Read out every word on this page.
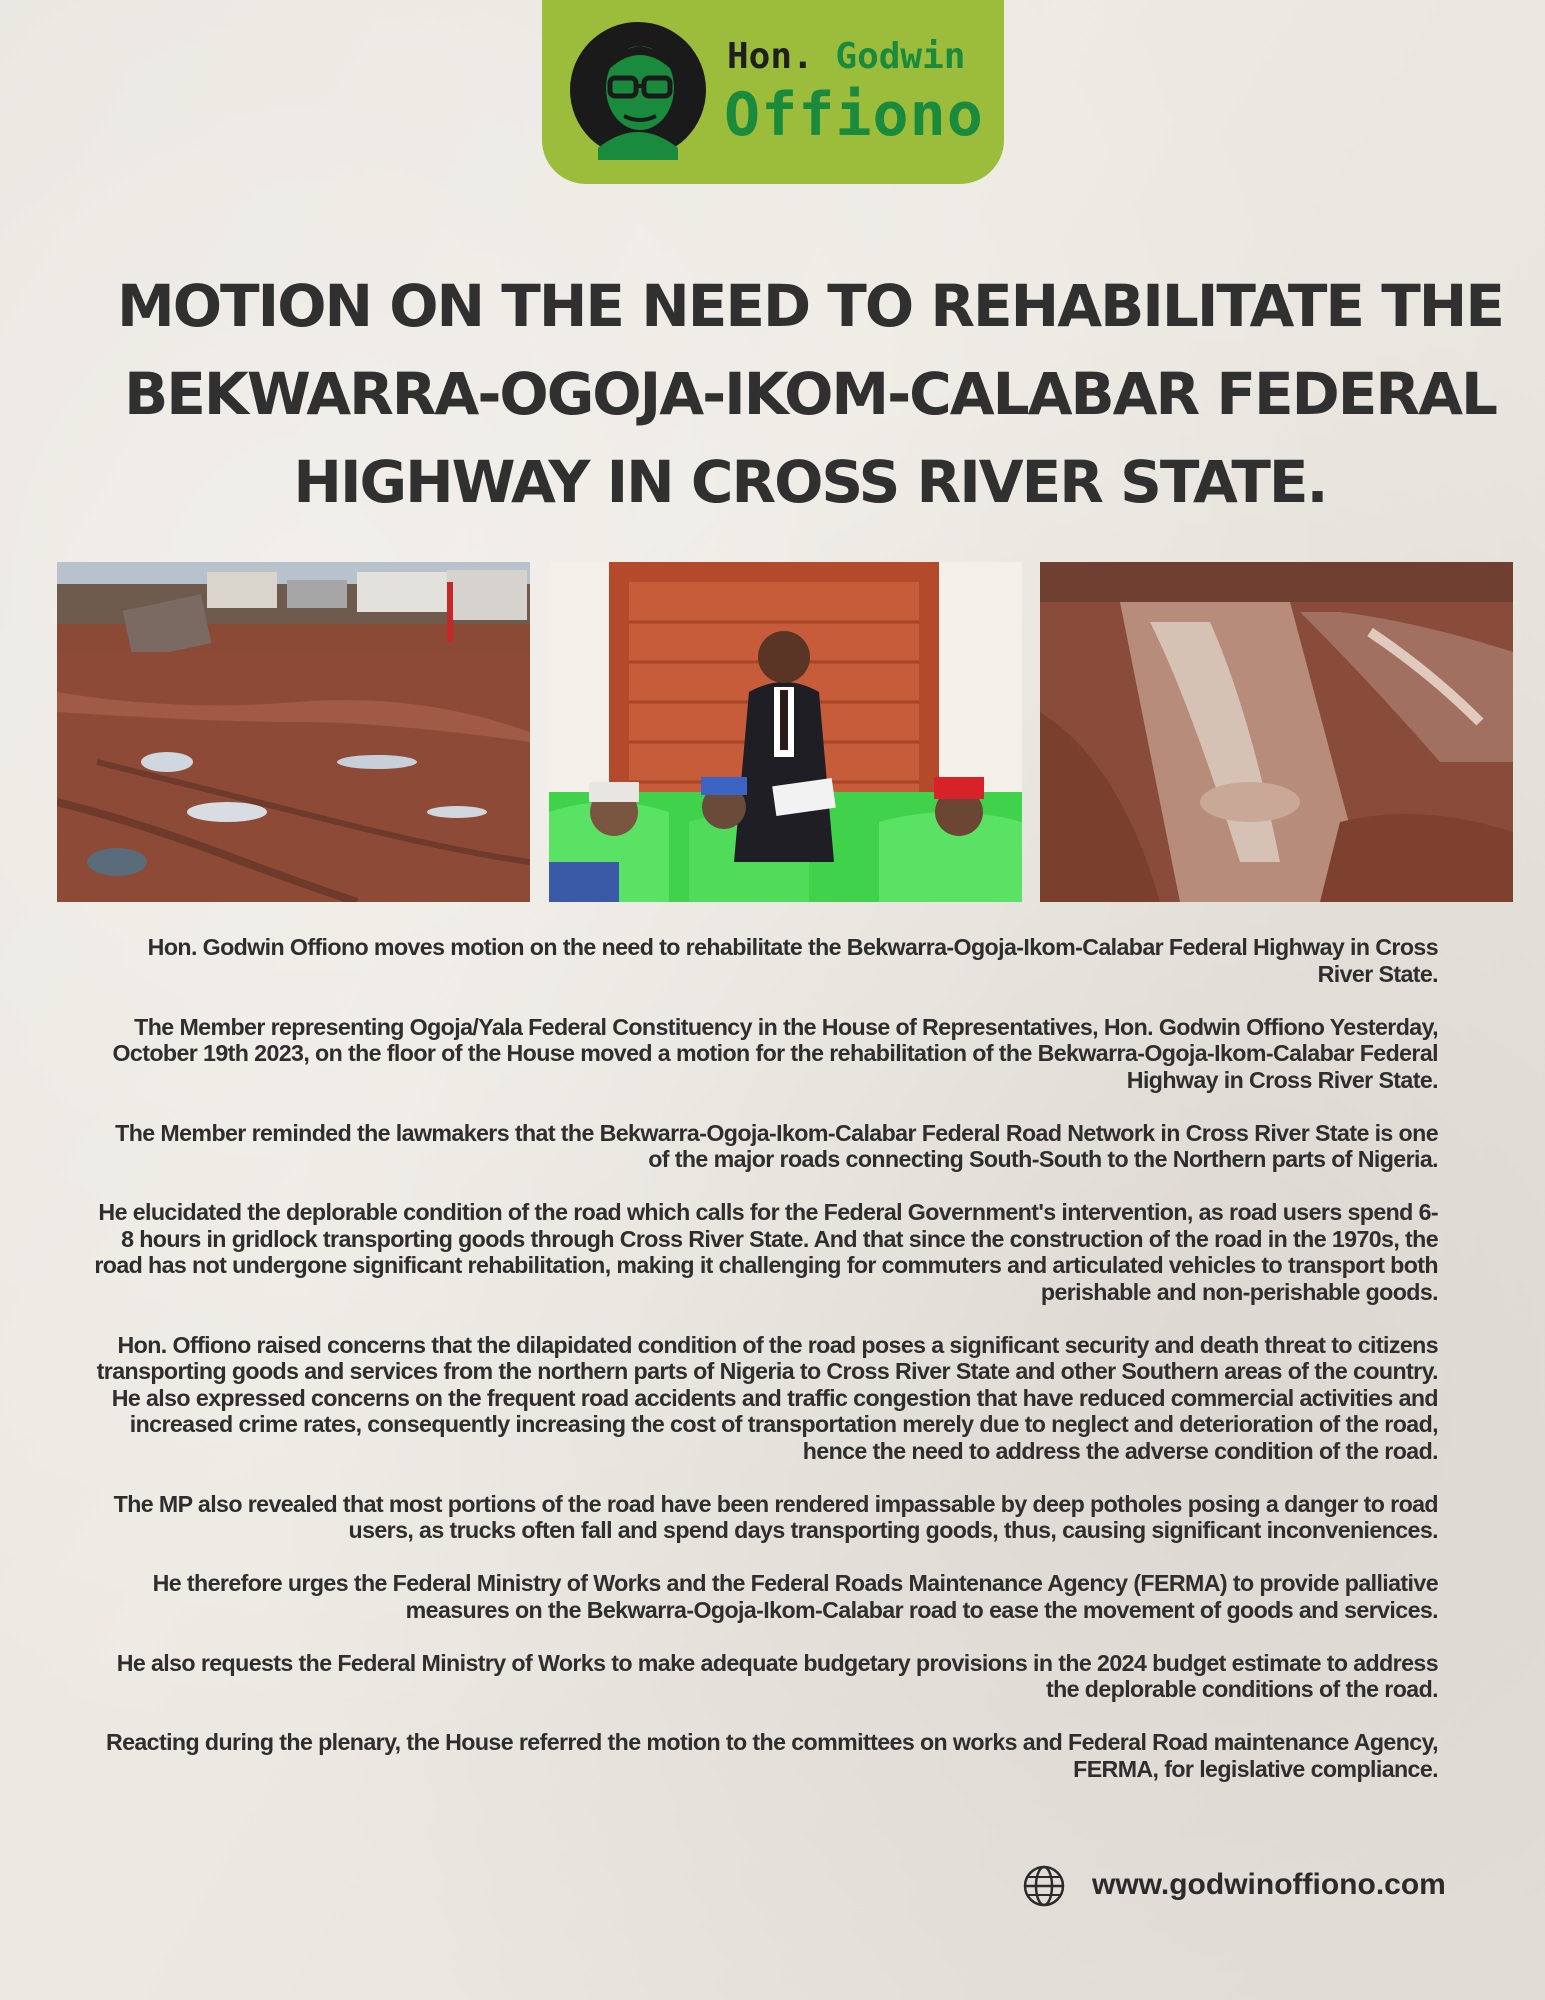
Hon. Godwin
Offiono
MOTION ON THE NEED TO REHABILITATE THE
BEKWARRA-OGOJA-IKOM-CALABAR FEDERAL
HIGHWAY IN CROSS RIVER STATE.

Hon. Godwin Offiono moves motion on the need to rehabilitate the Bekwarra-Ogoja-Ikom-Calabar Federal Highway in Cross River State.

The Member representing Ogoja/Yala Federal Constituency in the House of Representatives, Hon. Godwin Offiono Yesterday, October 19th 2023, on the floor of the House moved a motion for the rehabilitation of the Bekwarra-Ogoja-Ikom-Calabar Federal Highway in Cross River State.

The Member reminded the lawmakers that the Bekwarra-Ogoja-Ikom-Calabar Federal Road Network in Cross River State is one of the major roads connecting South-South to the Northern parts of Nigeria.

He elucidated the deplorable condition of the road which calls for the Federal Government's intervention, as road users spend 6-8 hours in gridlock transporting goods through Cross River State. And that since the construction of the road in the 1970s, the road has not undergone significant rehabilitation, making it challenging for commuters and articulated vehicles to transport both perishable and non-perishable goods.

Hon. Offiono raised concerns that the dilapidated condition of the road poses a significant security and death threat to citizens transporting goods and services from the northern parts of Nigeria to Cross River State and other Southern areas of the country. He also expressed concerns on the frequent road accidents and traffic congestion that have reduced commercial activities and increased crime rates, consequently increasing the cost of transportation merely due to neglect and deterioration of the road, hence the need to address the adverse condition of the road.

The MP also revealed that most portions of the road have been rendered impassable by deep potholes posing a danger to road users, as trucks often fall and spend days transporting goods, thus, causing significant inconveniences.

He therefore urges the Federal Ministry of Works and the Federal Roads Maintenance Agency (FERMA) to provide palliative measures on the Bekwarra-Ogoja-Ikom-Calabar road to ease the movement of goods and services.

He also requests the Federal Ministry of Works to make adequate budgetary provisions in the 2024 budget estimate to address the deplorable conditions of the road.

Reacting during the plenary, the House referred the motion to the committees on works and Federal Road maintenance Agency, FERMA, for legislative compliance.

www.godwinoffiono.com
